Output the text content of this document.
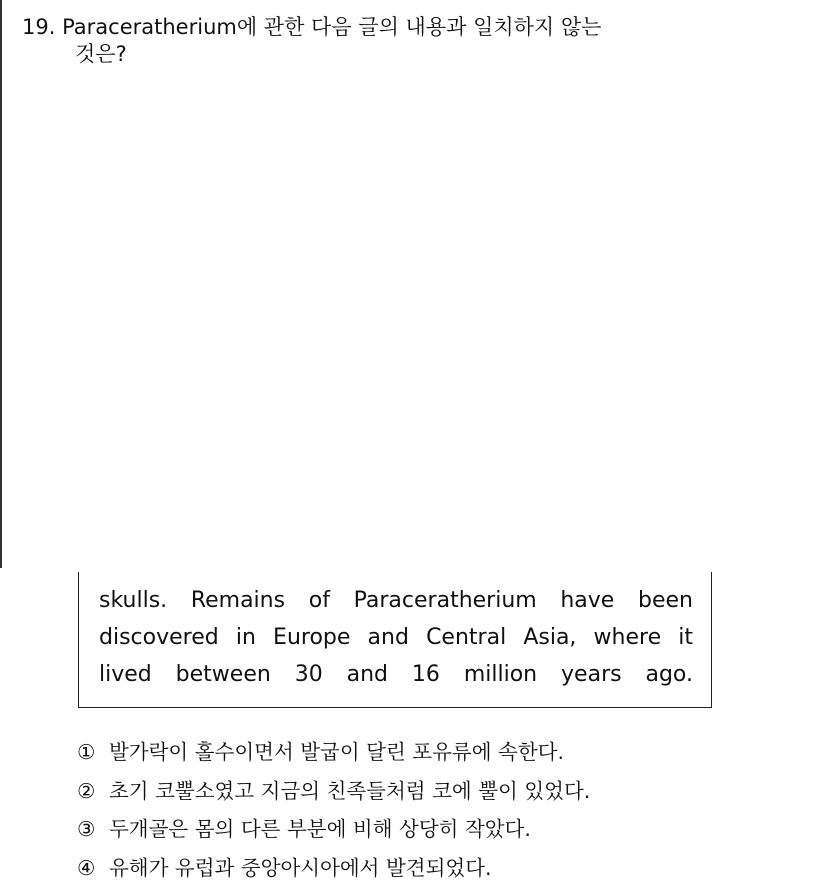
19. Paraceratherium에 관한 다음 글의 내용과 일치하지 않는
것은?
skulls. Remains of Paraceratherium have been
discovered in Europe and Central Asia, where it
lived between 30 and 16 million years ago.
① 발가락이 홀수이면서 발굽이 달린 포유류에 속한다.
② 초기 코뿔소였고 지금의 친족들처럼 코에 뿔이 있었다.
③ 두개골은 몸의 다른 부분에 비해 상당히 작았다.
④ 유해가 유럽과 중앙아시아에서 발견되었다.
